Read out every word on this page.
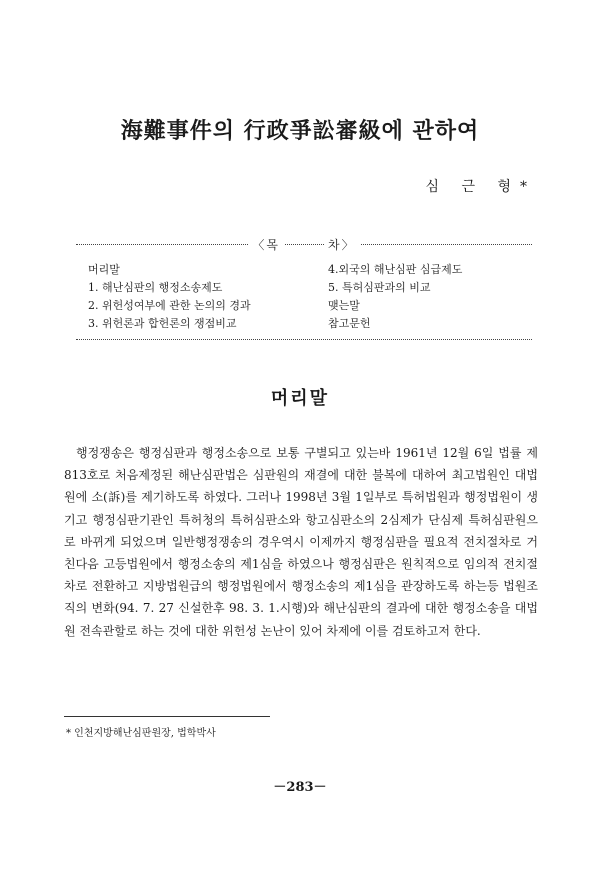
海難事件의 行政爭訟審級에 관하여
심 근 형*
〈목	차〉
머리말
1. 해난심판의 행정소송제도
2. 위헌성여부에 관한 논의의 경과
3. 위헌론과 합헌론의 쟁점비교
4.외국의 해난심판 심급제도
5. 특허심판과의 비교
맺는말
참고문헌
머리말
행정쟁송은 행정심판과 행정소송으로 보통 구별되고 있는바 1961년 12월 6일 법률 제813호로 처음제정된 해난심판법은 심판원의 재결에 대한 불복에 대하여 최고법원인 대법원에 소(訴)를 제기하도록 하였다. 그러나 1998년 3월 1일부로 특허법원과 행정법원이 생기고 행정심판기관인 특허청의 특허심판소와 항고심판소의 2심제가 단심제 특허심판원으로 바뀌게 되었으며 일반행정쟁송의 경우역시 이제까지 행정심판을 필요적 전치절차로 거친다음 고등법원에서 행정소송의 제1심을 하였으나 행정심판은 원칙적으로 임의적 전치절차로 전환하고 지방법원급의 행정법원에서 행정소송의 제1심을 관장하도록 하는등 법원조직의 변화(94. 7. 27 신설한후 98. 3. 1.시행)와 해난심판의 결과에 대한 행정소송을 대법원 전속관할로 하는 것에 대한 위헌성 논난이 있어 차제에 이를 검토하고저 한다.
* 인천지방해난심판원장, 법학박사
－283－
